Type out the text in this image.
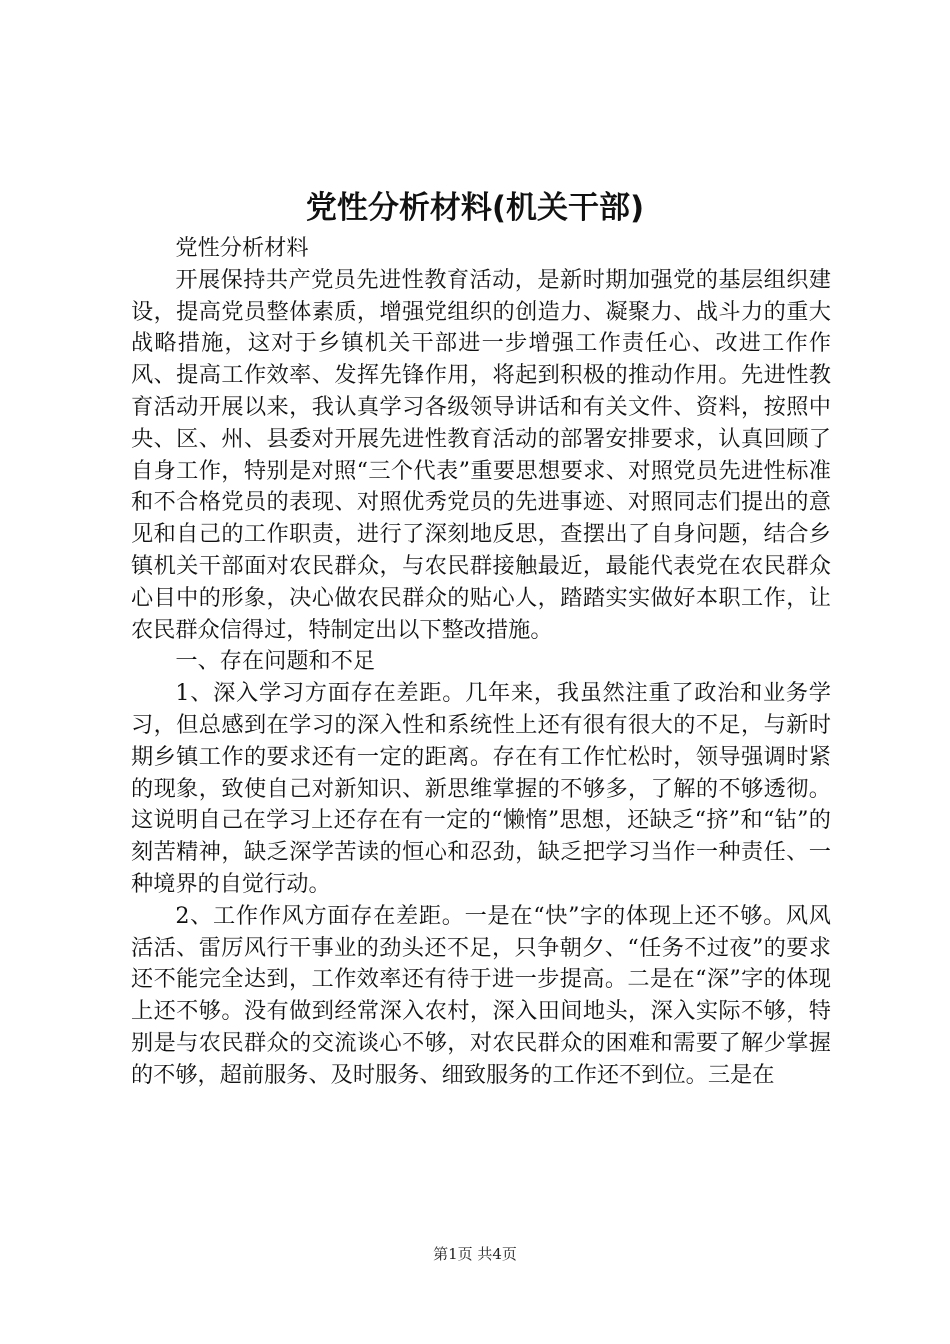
党性分析材料(机关干部)

党性分析材料

开展保持共产党员先进性教育活动，是新时期加强党的基层组织建设，提高党员整体素质，增强党组织的创造力、凝聚力、战斗力的重大战略措施，这对于乡镇机关干部进一步增强工作责任心、改进工作作风、提高工作效率、发挥先锋作用，将起到积极的推动作用。先进性教育活动开展以来，我认真学习各级领导讲话和有关文件、资料，按照中央、区、州、县委对开展先进性教育活动的部署安排要求，认真回顾了自身工作，特别是对照“三个代表”重要思想要求、对照党员先进性标准和不合格党员的表现、对照优秀党员的先进事迹、对照同志们提出的意见和自己的工作职责，进行了深刻地反思，查摆出了自身问题，结合乡镇机关干部面对农民群众，与农民群接触最近，最能代表党在农民群众心目中的形象，决心做农民群众的贴心人，踏踏实实做好本职工作，让农民群众信得过，特制定出以下整改措施。

一、存在问题和不足

1、深入学习方面存在差距。几年来，我虽然注重了政治和业务学习，但总感到在学习的深入性和系统性上还有很有很大的不足，与新时期乡镇工作的要求还有一定的距离。存在有工作忙松时，领导强调时紧的现象，致使自己对新知识、新思维掌握的不够多，了解的不够透彻。这说明自己在学习上还存在有一定的“懒惰”思想，还缺乏“挤”和“钻”的刻苦精神，缺乏深学苦读的恒心和忍劲，缺乏把学习当作一种责任、一种境界的自觉行动。

2、工作作风方面存在差距。一是在“快”字的体现上还不够。风风活活、雷厉风行干事业的劲头还不足，只争朝夕、“任务不过夜”的要求还不能完全达到，工作效率还有待于进一步提高。二是在“深”字的体现上还不够。没有做到经常深入农村，深入田间地头，深入实际不够，特别是与农民群众的交流谈心不够，对农民群众的困难和需要了解少掌握的不够，超前服务、及时服务、细致服务的工作还不到位。三是在

第1页 共4页
